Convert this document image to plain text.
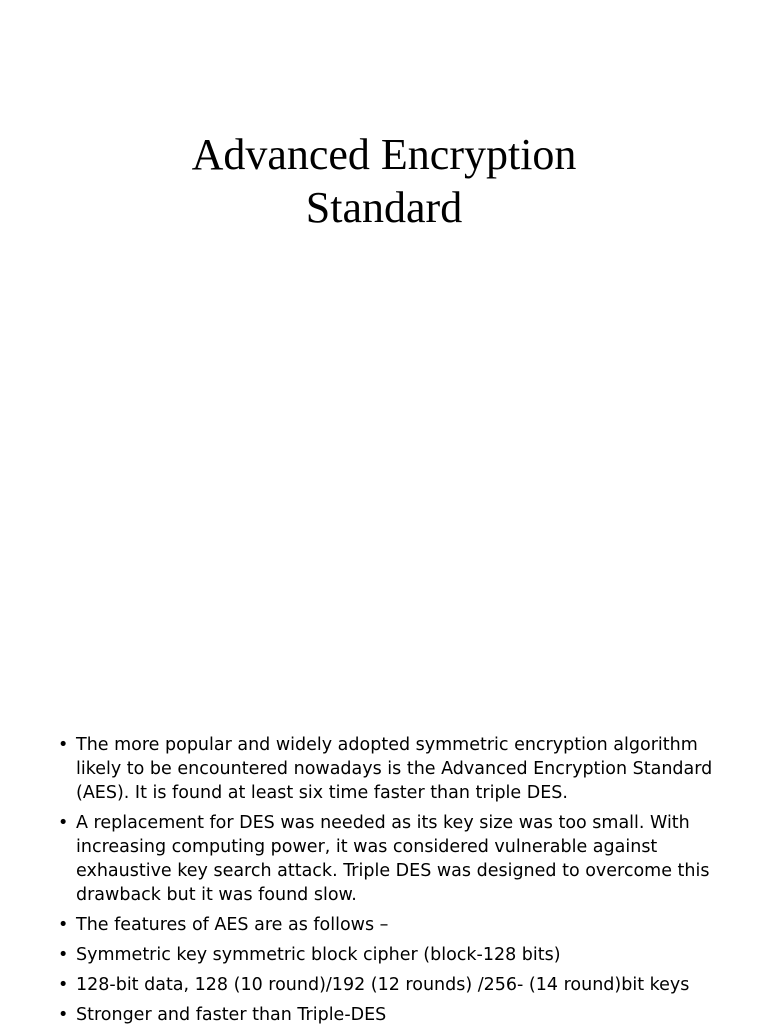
Advanced Encryption
Standard
• The more popular and widely adopted symmetric encryption algorithm likely to be encountered nowadays is the Advanced Encryption Standard (AES). It is found at least six time faster than triple DES.
• A replacement for DES was needed as its key size was too small. With increasing computing power, it was considered vulnerable against exhaustive key search attack. Triple DES was designed to overcome this drawback but it was found slow.
• The features of AES are as follows –
• Symmetric key symmetric block cipher (block-128 bits)
• 128-bit data, 128 (10 round)/192 (12 rounds) /256- (14 round)bit keys
• Stronger and faster than Triple-DES
